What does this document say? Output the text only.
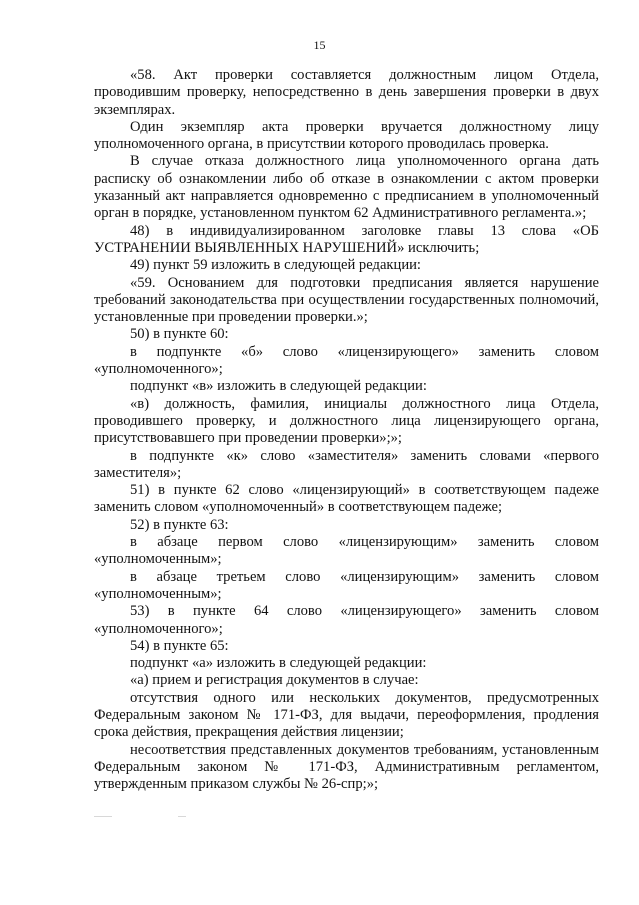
15

«58. Акт проверки составляется должностным лицом Отдела, проводившим проверку, непосредственно в день завершения проверки в двух экземплярах.

Один экземпляр акта проверки вручается должностному лицу уполномоченного органа, в присутствии которого проводилась проверка.

В случае отказа должностного лица уполномоченного органа дать расписку об ознакомлении либо об отказе в ознакомлении с актом проверки указанный акт направляется одновременно с предписанием в уполномоченный орган в порядке, установленном пунктом 62 Административного регламента.»;

48) в индивидуализированном заголовке главы 13 слова «ОБ УСТРАНЕНИИ ВЫЯВЛЕННЫХ НАРУШЕНИЙ» исключить;

49) пункт 59 изложить в следующей редакции:

«59. Основанием для подготовки предписания является нарушение требований законодательства при осуществлении государственных полномочий, установленные при проведении проверки.»;

50) в пункте 60:

в подпункте «б» слово «лицензирующего» заменить словом «уполномоченного»;

подпункт «в» изложить в следующей редакции:

«в) должность, фамилия, инициалы должностного лица Отдела, проводившего проверку, и должностного лица лицензирующего органа, присутствовавшего при проведении проверки»;»;

в подпункте «к» слово «заместителя» заменить словами «первого заместителя»;

51) в пункте 62 слово «лицензирующий» в соответствующем падеже заменить словом «уполномоченный» в соответствующем падеже;

52) в пункте 63:

в абзаце первом слово «лицензирующим» заменить словом «уполномоченным»;

в абзаце третьем слово «лицензирующим» заменить словом «уполномоченным»;

53) в пункте 64 слово «лицензирующего» заменить словом «уполномоченного»;

54) в пункте 65:

подпункт «а» изложить в следующей редакции:

«а) прием и регистрация документов в случае:

отсутствия одного или нескольких документов, предусмотренных Федеральным законом № 171-ФЗ, для выдачи, переоформления, продления срока действия, прекращения действия лицензии;

несоответствия представленных документов требованиям, установленным Федеральным законом № 171-ФЗ, Административным регламентом, утвержденным приказом службы № 26-спр;»;
